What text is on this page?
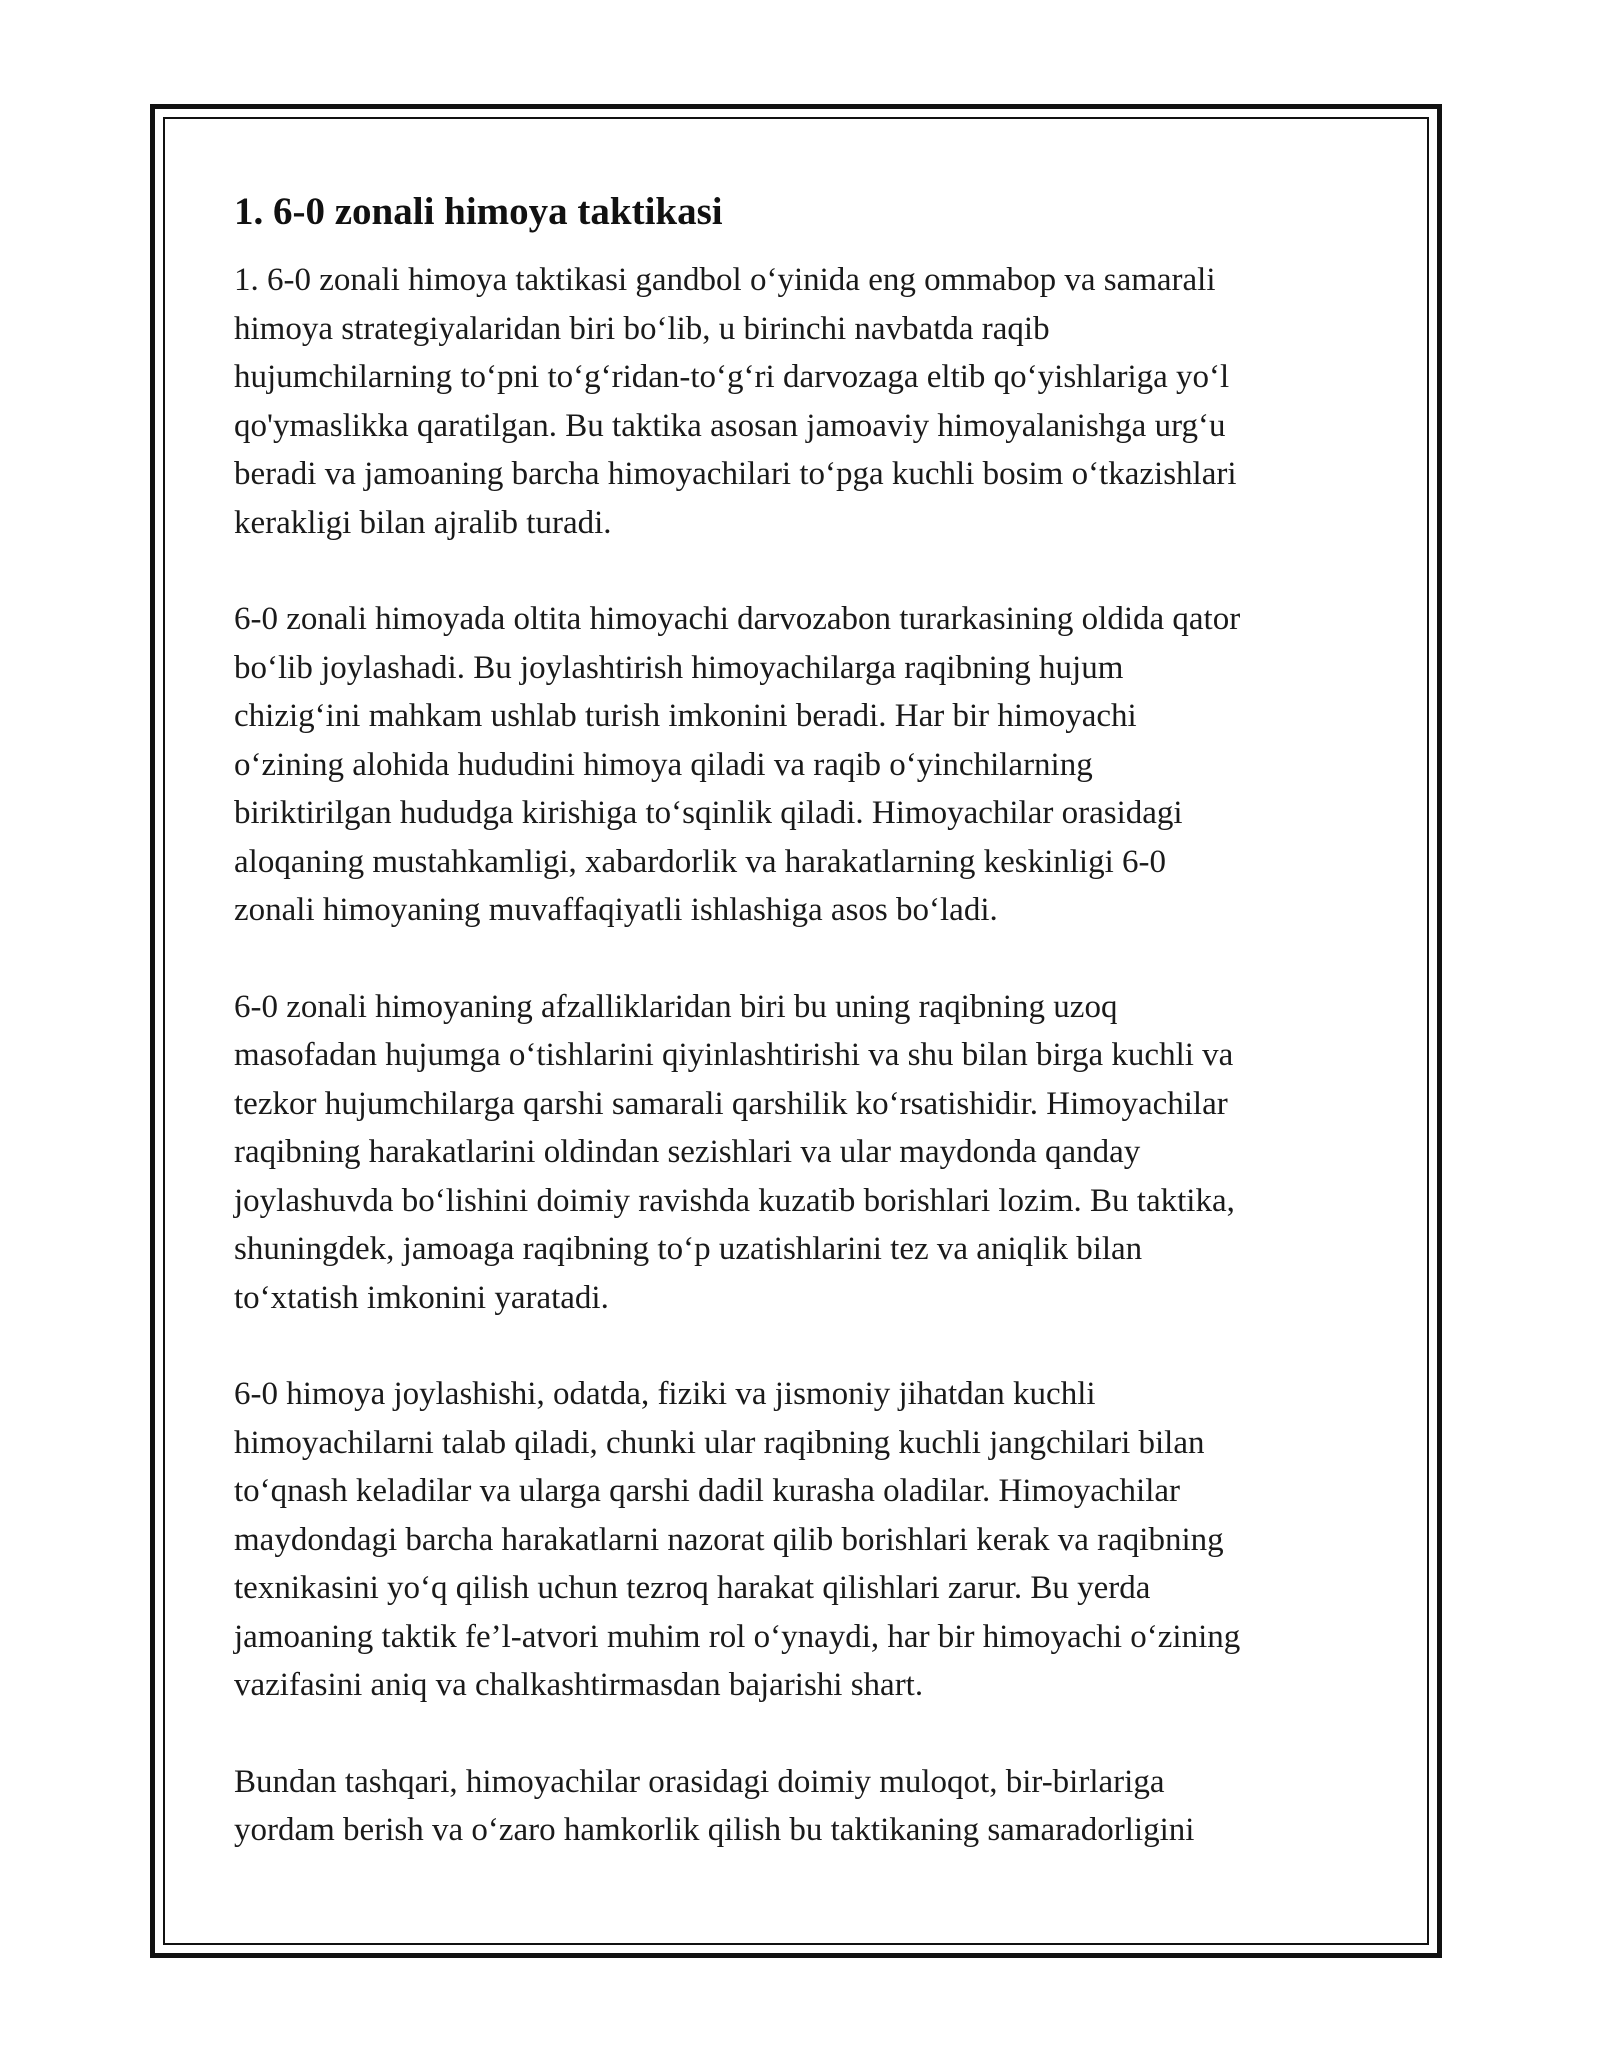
1. 6-0 zonali himoya taktikasi

1. 6-0 zonali himoya taktikasi gandbol o‘yinida eng ommabop va samarali
himoya strategiyalaridan biri bo‘lib, u birinchi navbatda raqib
hujumchilarning to‘pni to‘g‘ridan-to‘g‘ri darvozaga eltib qo‘yishlariga yo‘l
qo'ymaslikka qaratilgan. Bu taktika asosan jamoaviy himoyalanishga urg‘u
beradi va jamoaning barcha himoyachilari to‘pga kuchli bosim o‘tkazishlari
kerakligi bilan ajralib turadi.

6-0 zonali himoyada oltita himoyachi darvozabon turarkasining oldida qator
bo‘lib joylashadi. Bu joylashtirish himoyachilarga raqibning hujum
chizig‘ini mahkam ushlab turish imkonini beradi. Har bir himoyachi
o‘zining alohida hududini himoya qiladi va raqib o‘yinchilarning
biriktirilgan hududga kirishiga to‘sqinlik qiladi. Himoyachilar orasidagi
aloqaning mustahkamligi, xabardorlik va harakatlarning keskinligi 6-0
zonali himoyaning muvaffaqiyatli ishlashiga asos bo‘ladi.

6-0 zonali himoyaning afzalliklaridan biri bu uning raqibning uzoq
masofadan hujumga o‘tishlarini qiyinlashtirishi va shu bilan birga kuchli va
tezkor hujumchilarga qarshi samarali qarshilik ko‘rsatishidir. Himoyachilar
raqibning harakatlarini oldindan sezishlari va ular maydonda qanday
joylashuvda bo‘lishini doimiy ravishda kuzatib borishlari lozim. Bu taktika,
shuningdek, jamoaga raqibning to‘p uzatishlarini tez va aniqlik bilan
to‘xtatish imkonini yaratadi.

6-0 himoya joylashishi, odatda, fiziki va jismoniy jihatdan kuchli
himoyachilarni talab qiladi, chunki ular raqibning kuchli jangchilari bilan
to‘qnash keladilar va ularga qarshi dadil kurasha oladilar. Himoyachilar
maydondagi barcha harakatlarni nazorat qilib borishlari kerak va raqibning
texnikasini yo‘q qilish uchun tezroq harakat qilishlari zarur. Bu yerda
jamoaning taktik fe’l-atvori muhim rol o‘ynaydi, har bir himoyachi o‘zining
vazifasini aniq va chalkashtirmasdan bajarishi shart.

Bundan tashqari, himoyachilar orasidagi doimiy muloqot, bir-birlariga
yordam berish va o‘zaro hamkorlik qilish bu taktikaning samaradorligini
